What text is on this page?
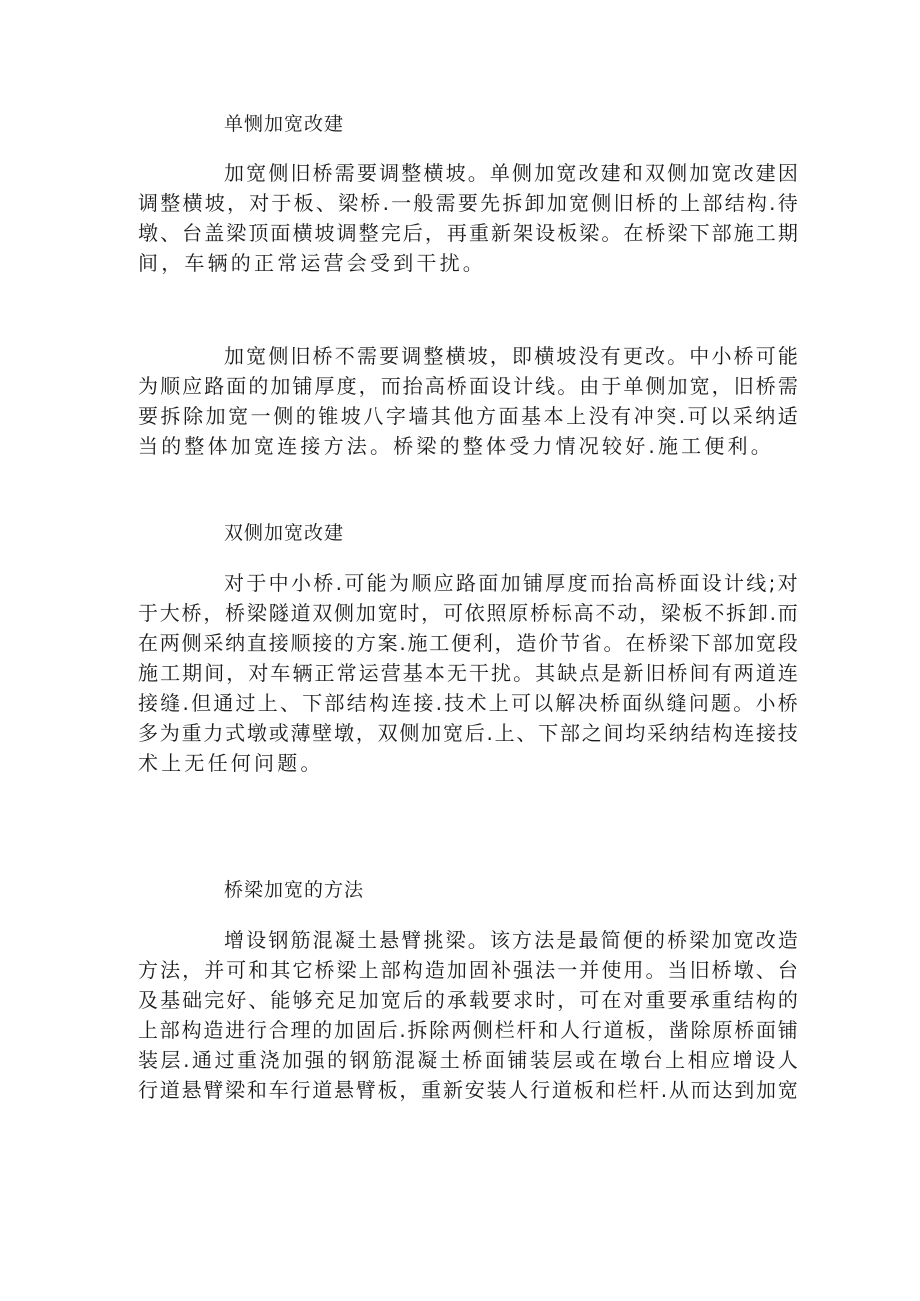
单恻加宽改建
加 宽 侧 旧 桥 需 要 调 整 横 坡 。 单 侧 加 宽 改 建 和 双 侧 加 宽 改 建 因
调 整 横 坡 ， 对 于 板 、 梁 桥 . 一 般 需 要 先 拆 卸 加 宽 侧 旧 桥 的 上 部 结 构 . 待
墩 、 台 盖 梁 顶 面 横 坡 调 整 完 后 ， 再 重 新 架 设 板 梁 。 在 桥 梁 下 部 施 工 期
间，车辆的正常运营会受到干扰。
加 宽 侧 旧 桥 不 需 要 调 整 横 坡 ， 即 横 坡 没 有 更 改 。 中 小 桥 可 能
为 顺 应 路 面 的 加 铺 厚 度 ， 而 抬 高 桥 面 设 计 线 。 由 于 单 侧 加 宽 ， 旧 桥 需
要 拆 除 加 宽 一 侧 的 锥 坡 八 字 墙 其 他 方 面 基 本 上 没 有 冲 突 . 可 以 采 纳 适
当的整体加宽连接方法。桥梁的整体受力情况较好.施工便利。
双侧加宽改建
对 于 中 小 桥 . 可 能 为 顺 应 路 面 加 铺 厚 度 而 抬 高 桥 面 设 计 线 ; 对
于 大 桥 ， 桥 梁 隧 道 双 侧 加 宽 时 ， 可 依 照 原 桥 标 高 不 动 ， 梁 板 不 拆 卸 . 而
在 两 侧 采 纳 直 接 顺 接 的 方 案 . 施 工 便 利 ， 造 价 节 省 。 在 桥 梁 下 部 加 宽 段
施 工 期 间 ， 对 车 辆 正 常 运 营 基 本 无 干 扰 。 其 缺 点 是 新 旧 桥 间 有 两 道 连
接 缝 . 但 通 过 上 、 下 部 结 构 连 接 . 技 术 上 可 以 解 决 桥 面 纵 缝 问 题 。 小 桥
多 为 重 力 式 墩 或 薄 壁 墩 ， 双 侧 加 宽 后 . 上 、 下 部 之 间 均 采 纳 结 构 连 接 技
术上无任何问题。
桥梁加宽的方法
增 设 钢 筋 混 凝 土 悬 臂 挑 梁 。 该 方 法 是 最 简 便 的 桥 梁 加 宽 改 造
方 法 ， 并 可 和 其 它 桥 梁 上 部 构 造 加 固 补 强 法 一 并 使 用 。 当 旧 桥 墩 、 台
及 基 础 完 好 、 能 够 充 足 加 宽 后 的 承 载 要 求 时 ， 可 在 对 重 要 承 重 结 构 的
上 部 构 造 进 行 合 理 的 加 固 后 . 拆 除 两 侧 栏 杆 和 人 行 道 板 ， 凿 除 原 桥 面 铺
装 层 . 通 过 重 浇 加 强 的 钢 筋 混 凝 土 桥 面 铺 装 层 或 在 墩 台 上 相 应 增 设 人
行 道 悬 臂 梁 和 车 行 道 悬 臂 板 ， 重 新 安 装 人 行 道 板 和 栏 杆 . 从 而 达 到 加 宽
